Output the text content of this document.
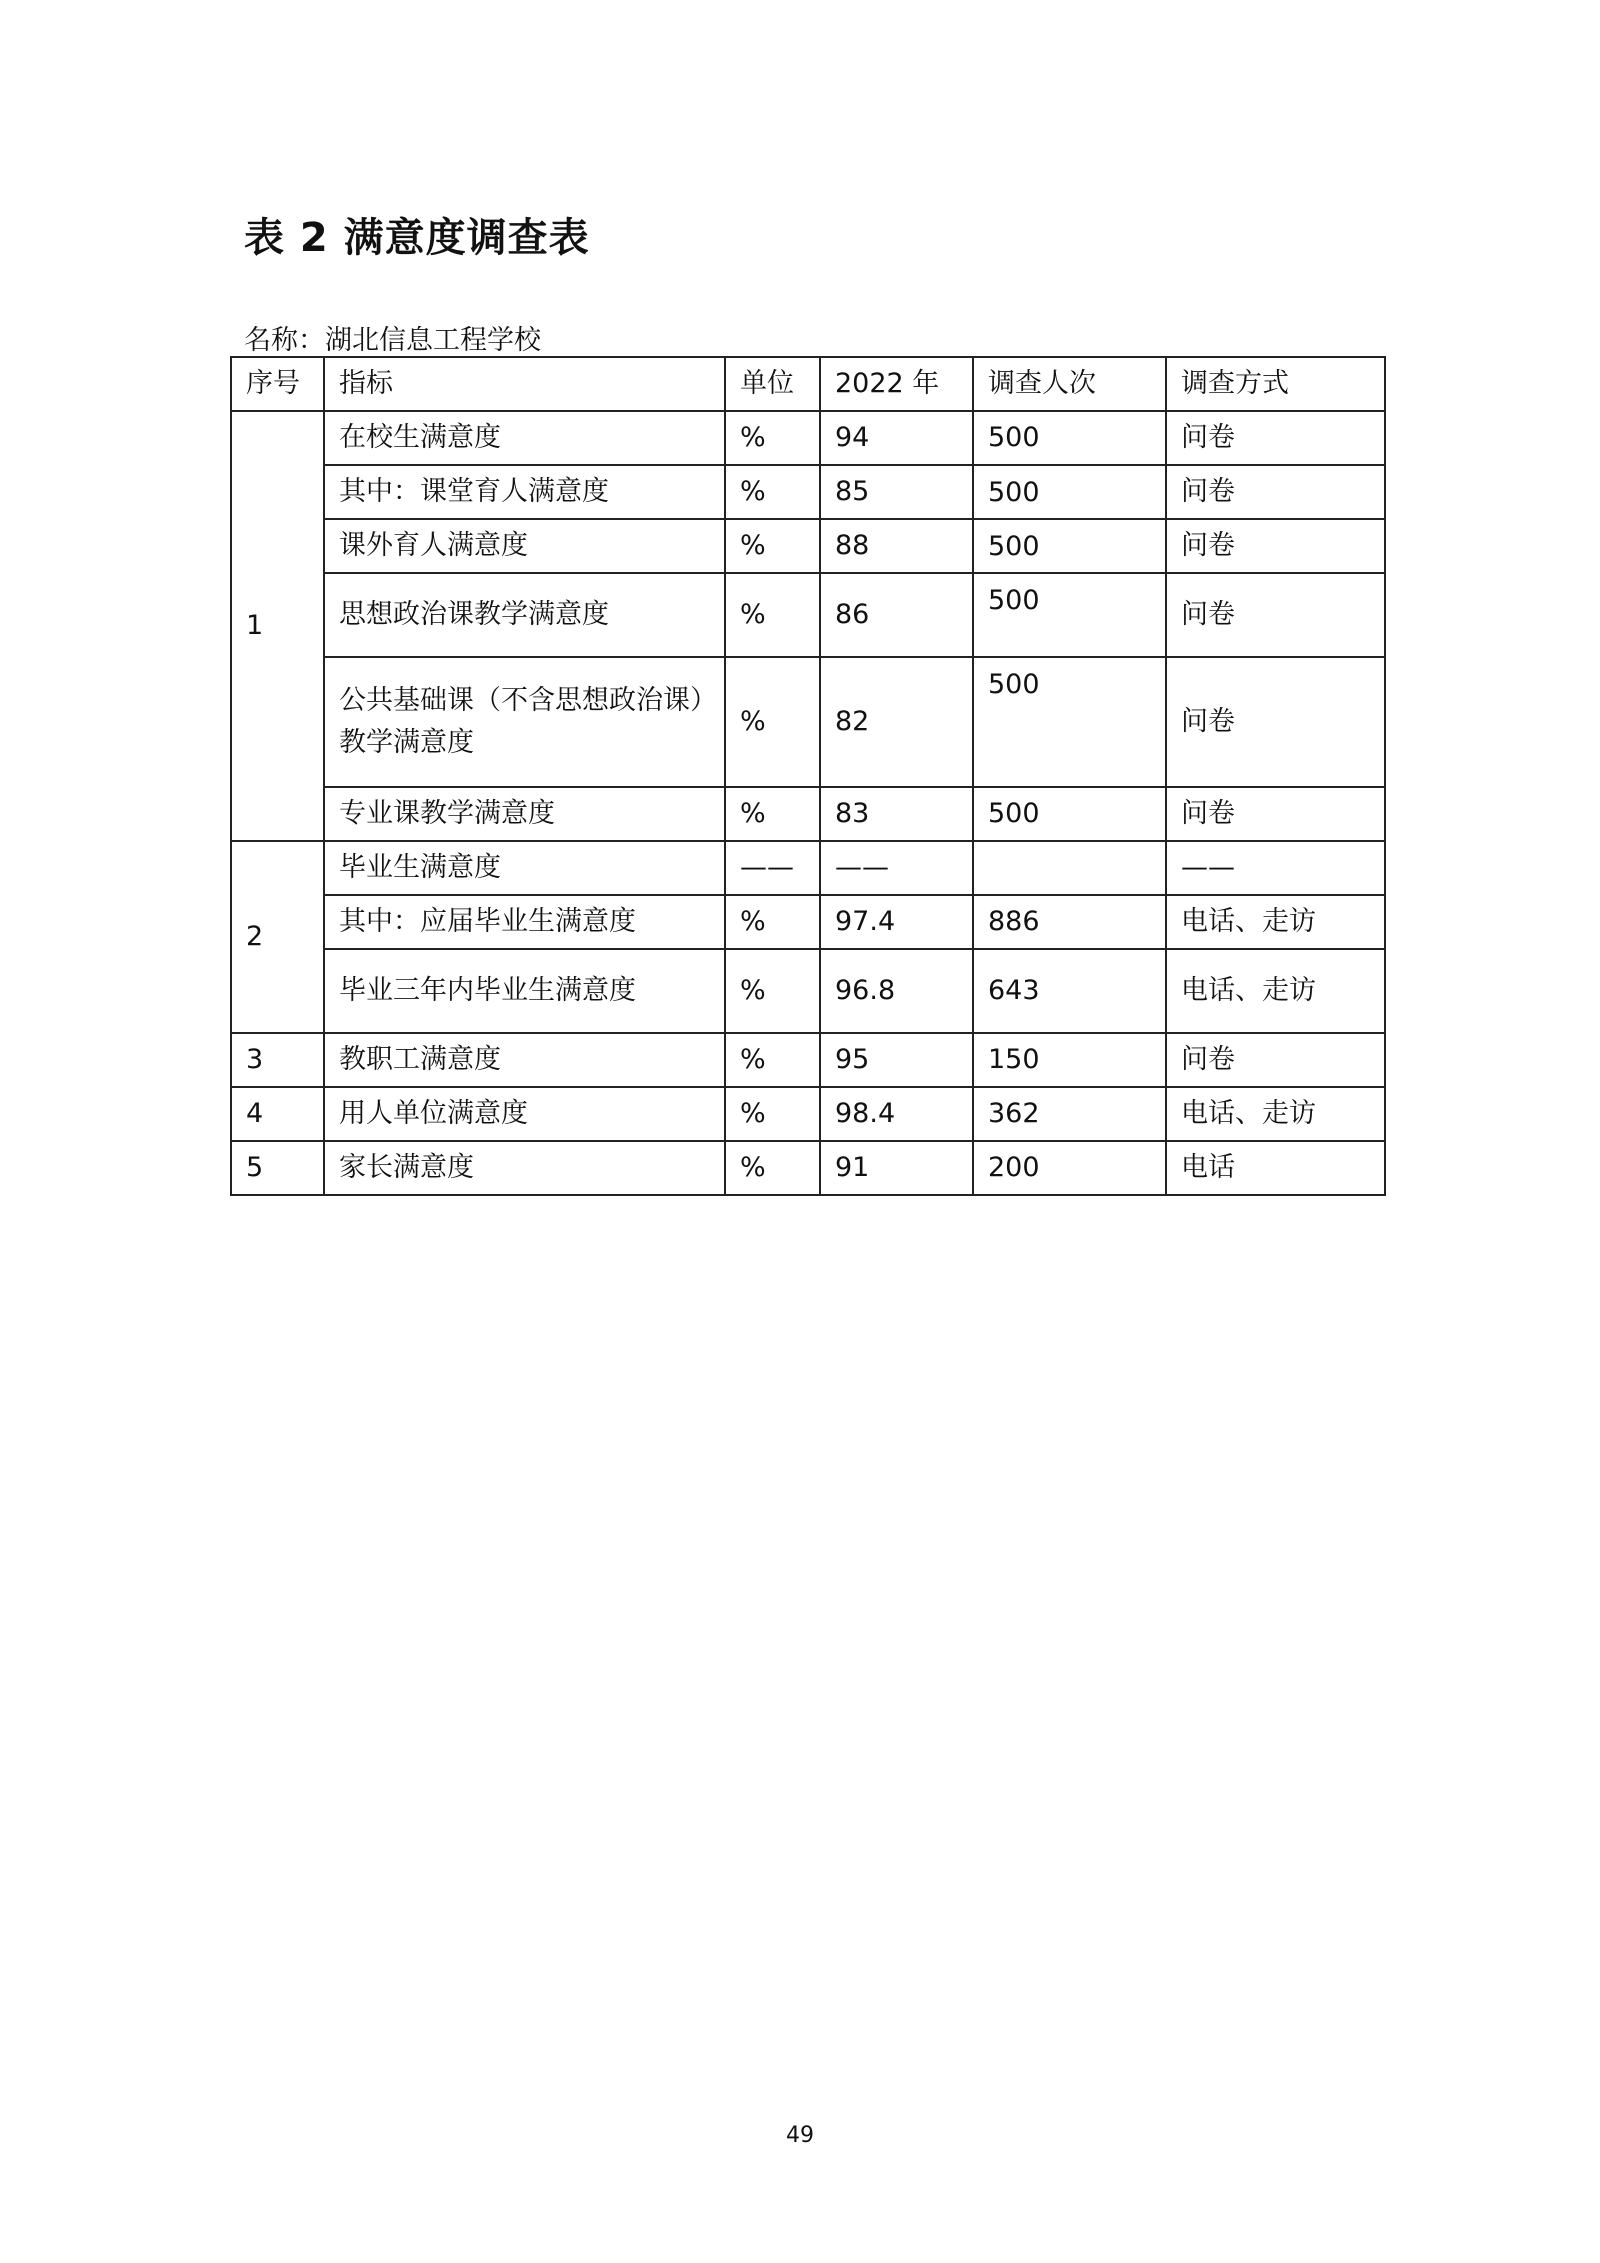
表 2 满意度调查表
名称：湖北信息工程学校
序号	指标	单位	2022 年	调查人次	调查方式
1	在校生满意度	%	94	500	问卷
	其中：课堂育人满意度	%	85	500	问卷
	课外育人满意度	%	88	500	问卷
	思想政治课教学满意度	%	86	500	问卷
	公共基础课（不含思想政治课）教学满意度	%	82	500	问卷
	专业课教学满意度	%	83	500	问卷
2	毕业生满意度	——	——		——
	其中：应届毕业生满意度	%	97.4	886	电话、走访
	毕业三年内毕业生满意度	%	96.8	643	电话、走访
3	教职工满意度	%	95	150	问卷
4	用人单位满意度	%	98.4	362	电话、走访
5	家长满意度	%	91	200	电话
49
